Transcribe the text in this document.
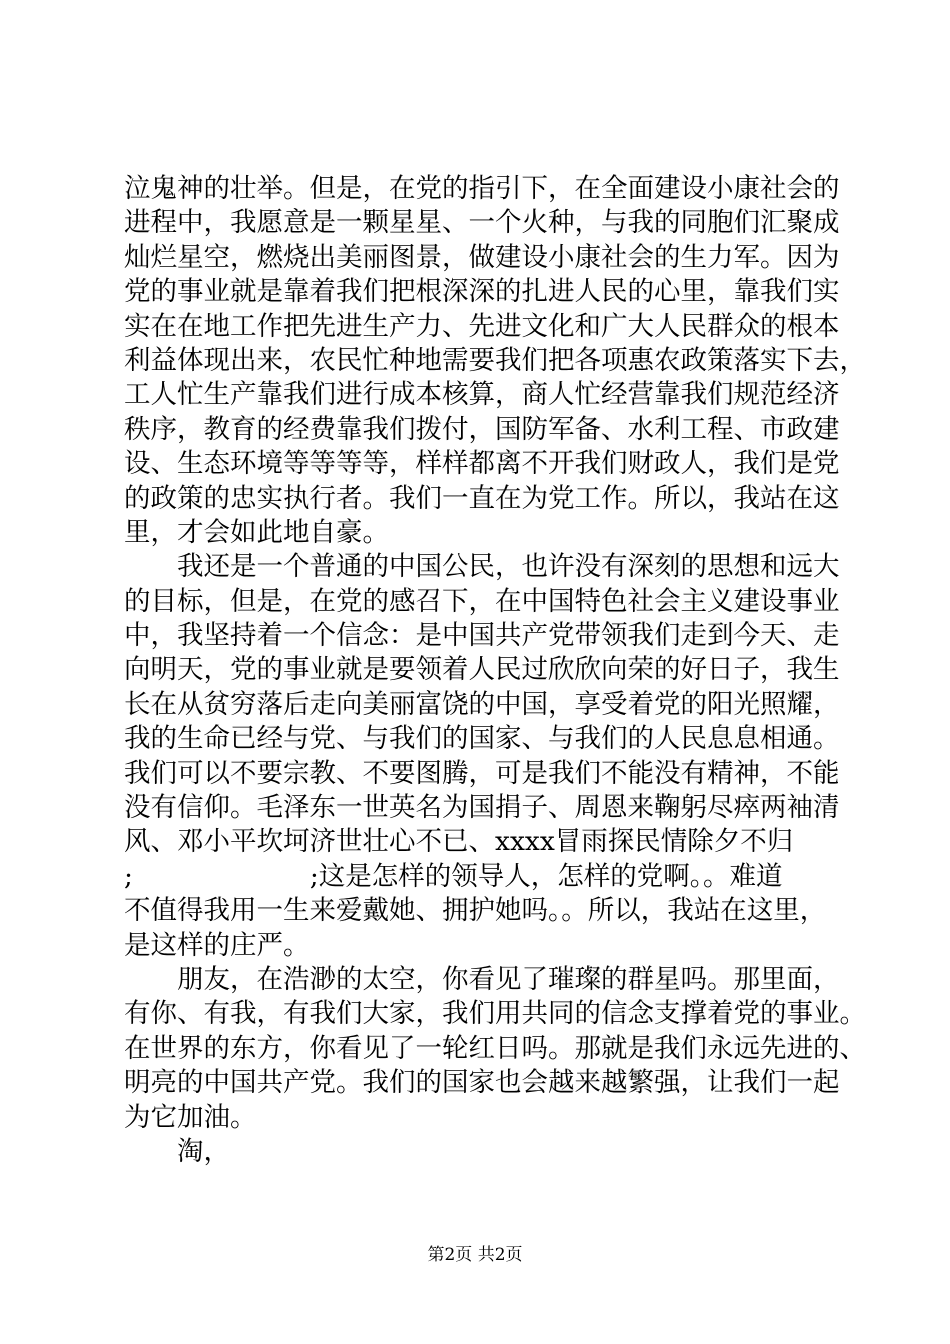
泣鬼神的壮举。但是，在党的指引下，在全面建设小康社会的
进程中，我愿意是一颗星星、一个火种，与我的同胞们汇聚成
灿烂星空，燃烧出美丽图景，做建设小康社会的生力军。因为
党的事业就是靠着我们把根深深的扎进人民的心里，靠我们实
实在在地工作把先进生产力、先进文化和广大人民群众的根本
利益体现出来，农民忙种地需要我们把各项惠农政策落实下去，
工人忙生产靠我们进行成本核算，商人忙经营靠我们规范经济
秩序，教育的经费靠我们拨付，国防军备、水利工程、市政建
设、生态环境等等等等，样样都离不开我们财政人，我们是党
的政策的忠实执行者。我们一直在为党工作。所以，我站在这
里，才会如此地自豪。
　　我还是一个普通的中国公民，也许没有深刻的思想和远大
的目标，但是，在党的感召下，在中国特色社会主义建设事业
中，我坚持着一个信念：是中国共产党带领我们走到今天、走
向明天，党的事业就是要领着人民过欣欣向荣的好日子，我生
长在从贫穷落后走向美丽富饶的中国，享受着党的阳光照耀，
我的生命已经与党、与我们的国家、与我们的人民息息相通。
我们可以不要宗教、不要图腾，可是我们不能没有精神，不能
没有信仰。毛泽东一世英名为国捐子、周恩来鞠躬尽瘁两袖清
风、邓小平坎坷济世壮心不已、xxxx冒雨探民情除夕不归
;                     ;这是怎样的领导人，怎样的党啊。。难道
不值得我用一生来爱戴她、拥护她吗。。所以，我站在这里，
是这样的庄严。
　　朋友，在浩渺的太空，你看见了璀璨的群星吗。那里面，
有你、有我，有我们大家，我们用共同的信念支撑着党的事业。
在世界的东方，你看见了一轮红日吗。那就是我们永远先进的、
明亮的中国共产党。我们的国家也会越来越繁强，让我们一起
为它加油。
　　淘，
第2页 共2页
